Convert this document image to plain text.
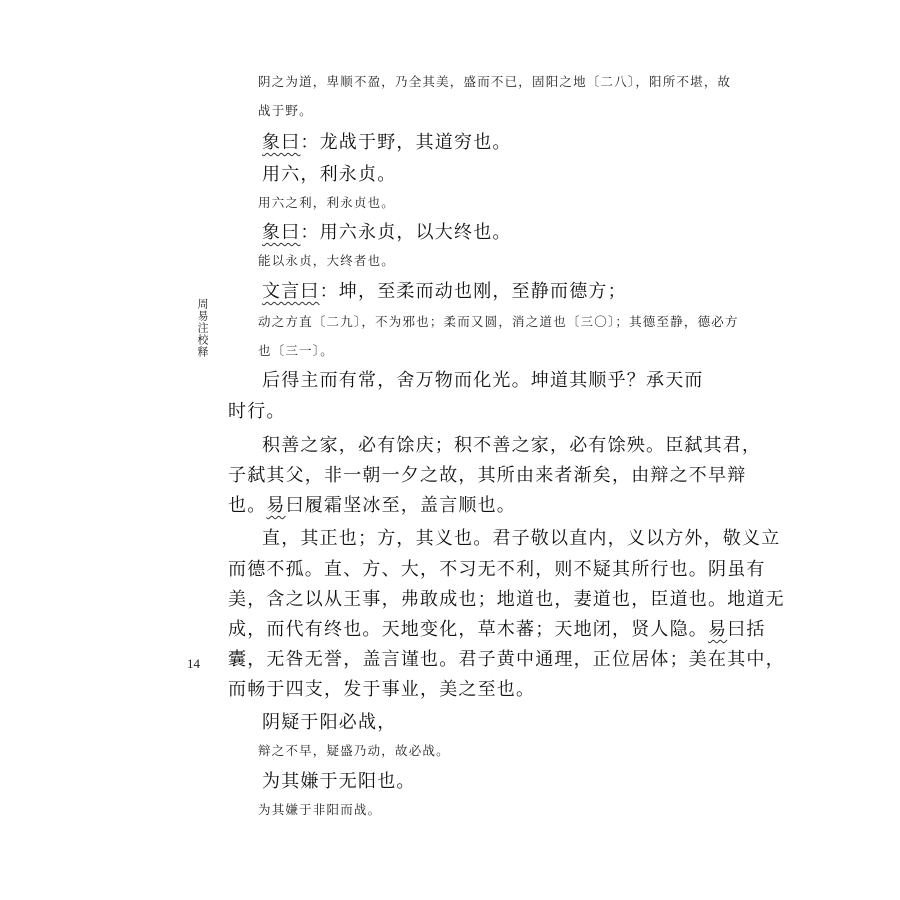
周易注校释
14
阴之为道，卑顺不盈，乃全其美，盛而不已，固阳之地〔二八〕，阳所不堪，故
战于野。
象曰：龙战于野，其道穷也。
用六，利永贞。
用六之利，利永贞也。
象曰：用六永贞，以大终也。
能以永贞，大终者也。
文言曰：坤，至柔而动也刚，至静而德方；
动之方直〔二九〕，不为邪也；柔而又圆，消之道也〔三〇〕；其德至静，德必方
也〔三一〕。
后得主而有常，舍万物而化光。坤道其顺乎？承天而
时行。
积善之家，必有馀庆；积不善之家，必有馀殃。臣弑其君，
子弑其父，非一朝一夕之故，其所由来者渐矣，由辩之不早辩
也。易曰履霜坚冰至，盖言顺也。
直，其正也；方，其义也。君子敬以直内，义以方外，敬义立
而德不孤。直、方、大，不习无不利，则不疑其所行也。阴虽有
美，含之以从王事，弗敢成也；地道也，妻道也，臣道也。地道无
成，而代有终也。天地变化，草木蕃；天地闭，贤人隐。易曰括
囊，无咎无誉，盖言谨也。君子黄中通理，正位居体；美在其中，
而畅于四支，发于事业，美之至也。
阴疑于阳必战，
辩之不早，疑盛乃动，故必战。
为其嫌于无阳也。
为其嫌于非阳而战。
